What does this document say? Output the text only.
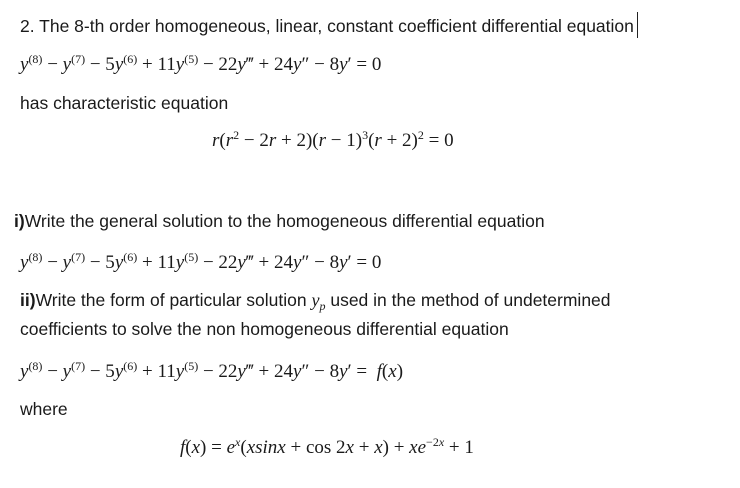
2. The 8-th order homogeneous, linear, constant coefficient differential equation
$y^{(8)} - y^{(7)} - 5y^{(6)} + 11y^{(5)}$ − 22y‴ + 24y″ − 8y′ = 0
has characteristic equation
$r(r^2 - 2r + 2)(r - 1)^3(r + 2)^2 = 0$
i)Write the general solution to the homogeneous differential equation
$y^{(8)} - y^{(7)} - 5y^{(6)} + 11y^{(5)}$ − 22y‴ + 24y″ − 8y′ = 0
ii)Write the form of particular solution $y_p$ used in the method of undetermined
coefficients to solve the non homogeneous differential equation
$y^{(8)} - y^{(7)} - 5y^{(6)} + 11y^{(5)}$ − 22y‴ + 24y″ − 8y′ =  f(x)
where
$f(x) = e^x(xsinx + \cos 2x + x) + xe^{-2x} + 1$
